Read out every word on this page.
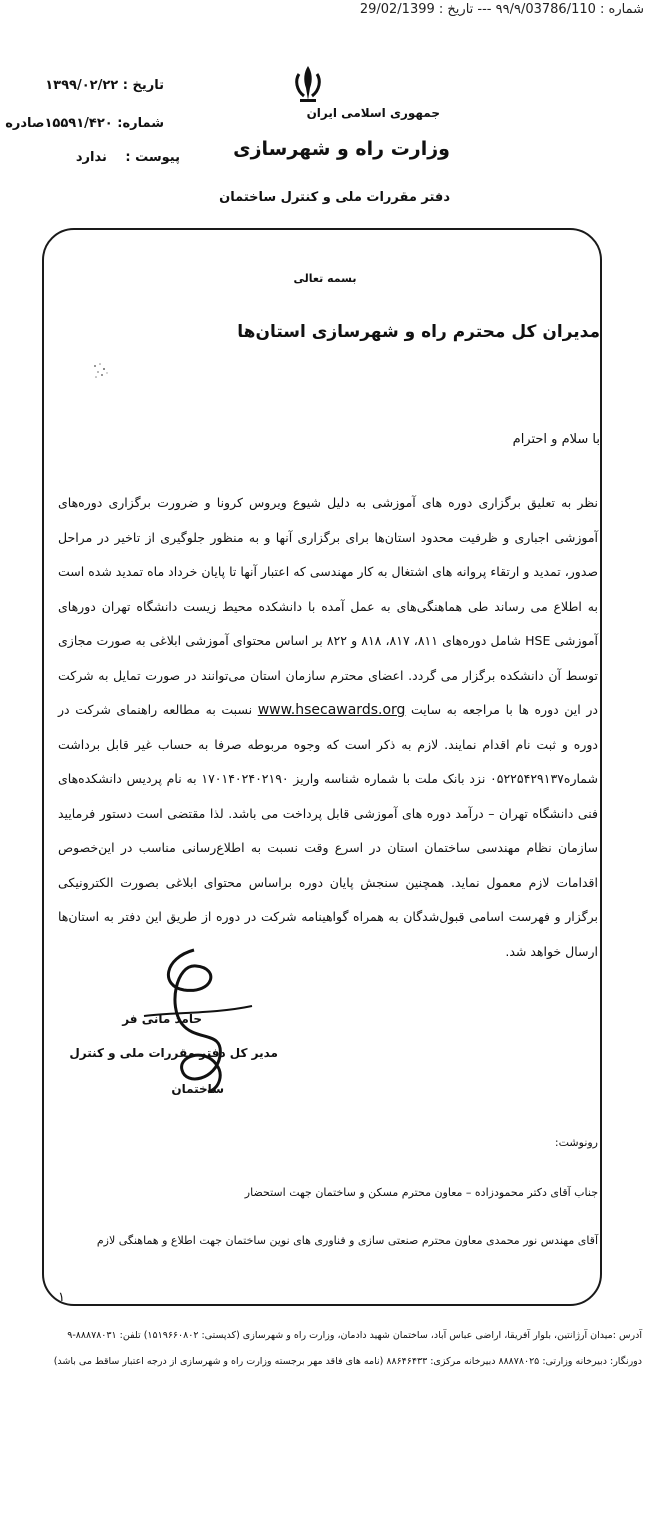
شماره : ۹۹/۹/03786/110 --- تاریخ : 29/02/1399
جمهوری اسلامی ایران
وزارت راه و شهرسازی
تاریخ : ۱۳۹۹/۰۲/۲۲
شماره: ۱۵۵۹۱/۴۲۰صادره
پیوست : ندارد
دفتر مقررات ملی و کنترل ساختمان
بسمه تعالی
مدیران کل محترم راه و شهرسازی استان‌ها
با سلام و احترام
نظر به تعلیق برگزاری دوره های آموزشی به دلیل شیوع ویروس کرونا و ضرورت برگزاری دوره‌های آموزشی اجباری و ظرفیت محدود استان‌ها برای برگزاری آنها و به منظور جلوگیری از تاخیر در مراحل صدور، تمدید و ارتقاء پروانه های اشتغال به کار مهندسی که اعتبار آنها تا پایان خرداد ماه تمدید شده است به اطلاع می رساند طی هماهنگی‌های به عمل آمده با دانشکده محیط زیست دانشگاه تهران دورهای آموزشی HSE شامل دوره‌های ۸۱۱، ۸۱۷، ۸۱۸ و ۸۲۲ بر اساس محتوای آموزشی ابلاغی به صورت مجازی توسط آن دانشکده برگزار می گردد. اعضای محترم سازمان استان می‌توانند در صورت تمایل به شرکت در این دوره ها با مراجعه به سایت www.hsecawards.org نسبت به مطالعه راهنمای شرکت در دوره و ثبت نام اقدام نمایند. لازم به ذکر است که وجوه مربوطه صرفا به حساب غیر قابل برداشت شماره۰۵۲۲۵۴۲۹۱۳۷ نزد بانک ملت با شماره شناسه واریز ۱۷۰۱۴۰۲۴۰۲۱۹۰ به نام پردیس دانشکده‌های فنی دانشگاه تهران – درآمد دوره های آموزشی قابل پرداخت می باشد. لذا مقتضی است دستور فرمایید سازمان نظام مهندسی ساختمان استان در اسرع وقت نسبت به اطلاع‌رسانی مناسب در این‌خصوص اقدامات لازم معمول نماید. همچنین سنجش پایان دوره براساس محتوای ابلاغی بصورت الکترونیکی برگزار و فهرست اسامی قبول‌شدگان به همراه گواهینامه شرکت در دوره از طریق این دفتر به استان‌ها ارسال خواهد شد.
حامد مانی فر
مدیر کل دفتر مقررات ملی و کنترل
ساختمان
رونوشت:
جناب آقای دکتر محمودزاده – معاون محترم مسکن و ساختمان جهت استحضار
آقای مهندس نور محمدی معاون محترم صنعتی سازی و فناوری های نوین ساختمان جهت اطلاع و هماهنگی لازم
۱
آدرس :میدان آرژانتین، بلوار آفریقا، اراضی عباس آباد، ساختمان شهید دادمان، وزارت راه و شهرسازی (کدپستی: ۱۵۱۹۶۶۰۸۰۲) تلفن: ۸۸۸۷۸۰۳۱-۹
دورنگار: دبیرخانه وزارتی: ۸۸۸۷۸۰۲۵ دبیرخانه مرکزی: ۸۸۶۴۶۴۳۳ (نامه های فاقد مهر برجسته وزارت راه و شهرسازی از درجه اعتبار ساقط می باشد)
